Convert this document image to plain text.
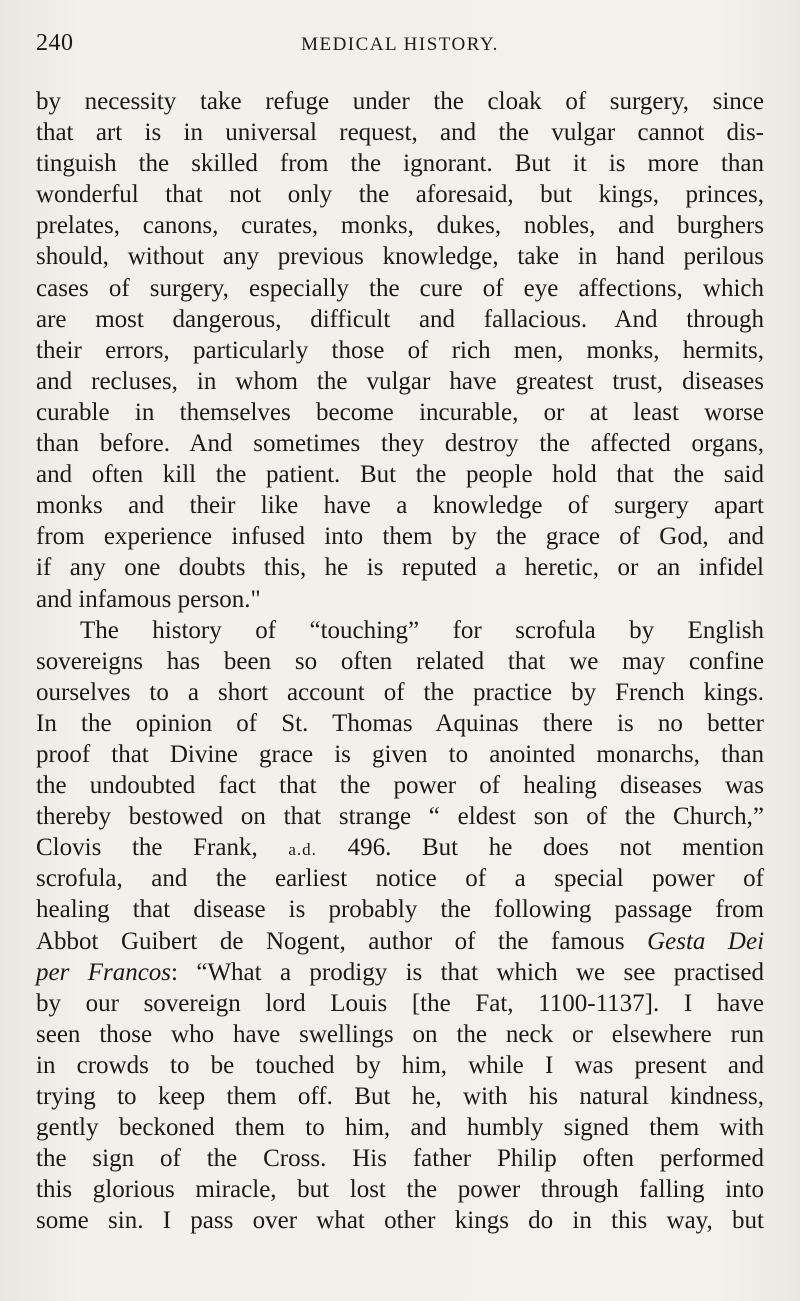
240	MEDICAL HISTORY.
by necessity take refuge under the cloak of surgery, since
that art is in universal request, and the vulgar cannot dis-
tinguish the skilled from the ignorant. But it is more than
wonderful that not only the aforesaid, but kings, princes,
prelates, canons, curates, monks, dukes, nobles, and burghers
should, without any previous knowledge, take in hand perilous
cases of surgery, especially the cure of eye affections, which
are most dangerous, difficult and fallacious. And through
their errors, particularly those of rich men, monks, hermits,
and recluses, in whom the vulgar have greatest trust, diseases
curable in themselves become incurable, or at least worse
than before. And sometimes they destroy the affected organs,
and often kill the patient. But the people hold that the said
monks and their like have a knowledge of surgery apart
from experience infused into them by the grace of God, and
if any one doubts this, he is reputed a heretic, or an infidel
and infamous person."
The history of “touching” for scrofula by English
sovereigns has been so often related that we may confine
ourselves to a short account of the practice by French kings.
In the opinion of St. Thomas Aquinas there is no better
proof that Divine grace is given to anointed monarchs, than
the undoubted fact that the power of healing diseases was
thereby bestowed on that strange “ eldest son of the Church,”
Clovis the Frank, a.d. 496. But he does not mention
scrofula, and the earliest notice of a special power of
healing that disease is probably the following passage from
Abbot Guibert de Nogent, author of the famous Gesta Dei
per Francos: “What a prodigy is that which we see practised
by our sovereign lord Louis [the Fat, 1100-1137]. I have
seen those who have swellings on the neck or elsewhere run
in crowds to be touched by him, while I was present and
trying to keep them off. But he, with his natural kindness,
gently beckoned them to him, and humbly signed them with
the sign of the Cross. His father Philip often performed
this glorious miracle, but lost the power through falling into
some sin. I pass over what other kings do in this way, but
